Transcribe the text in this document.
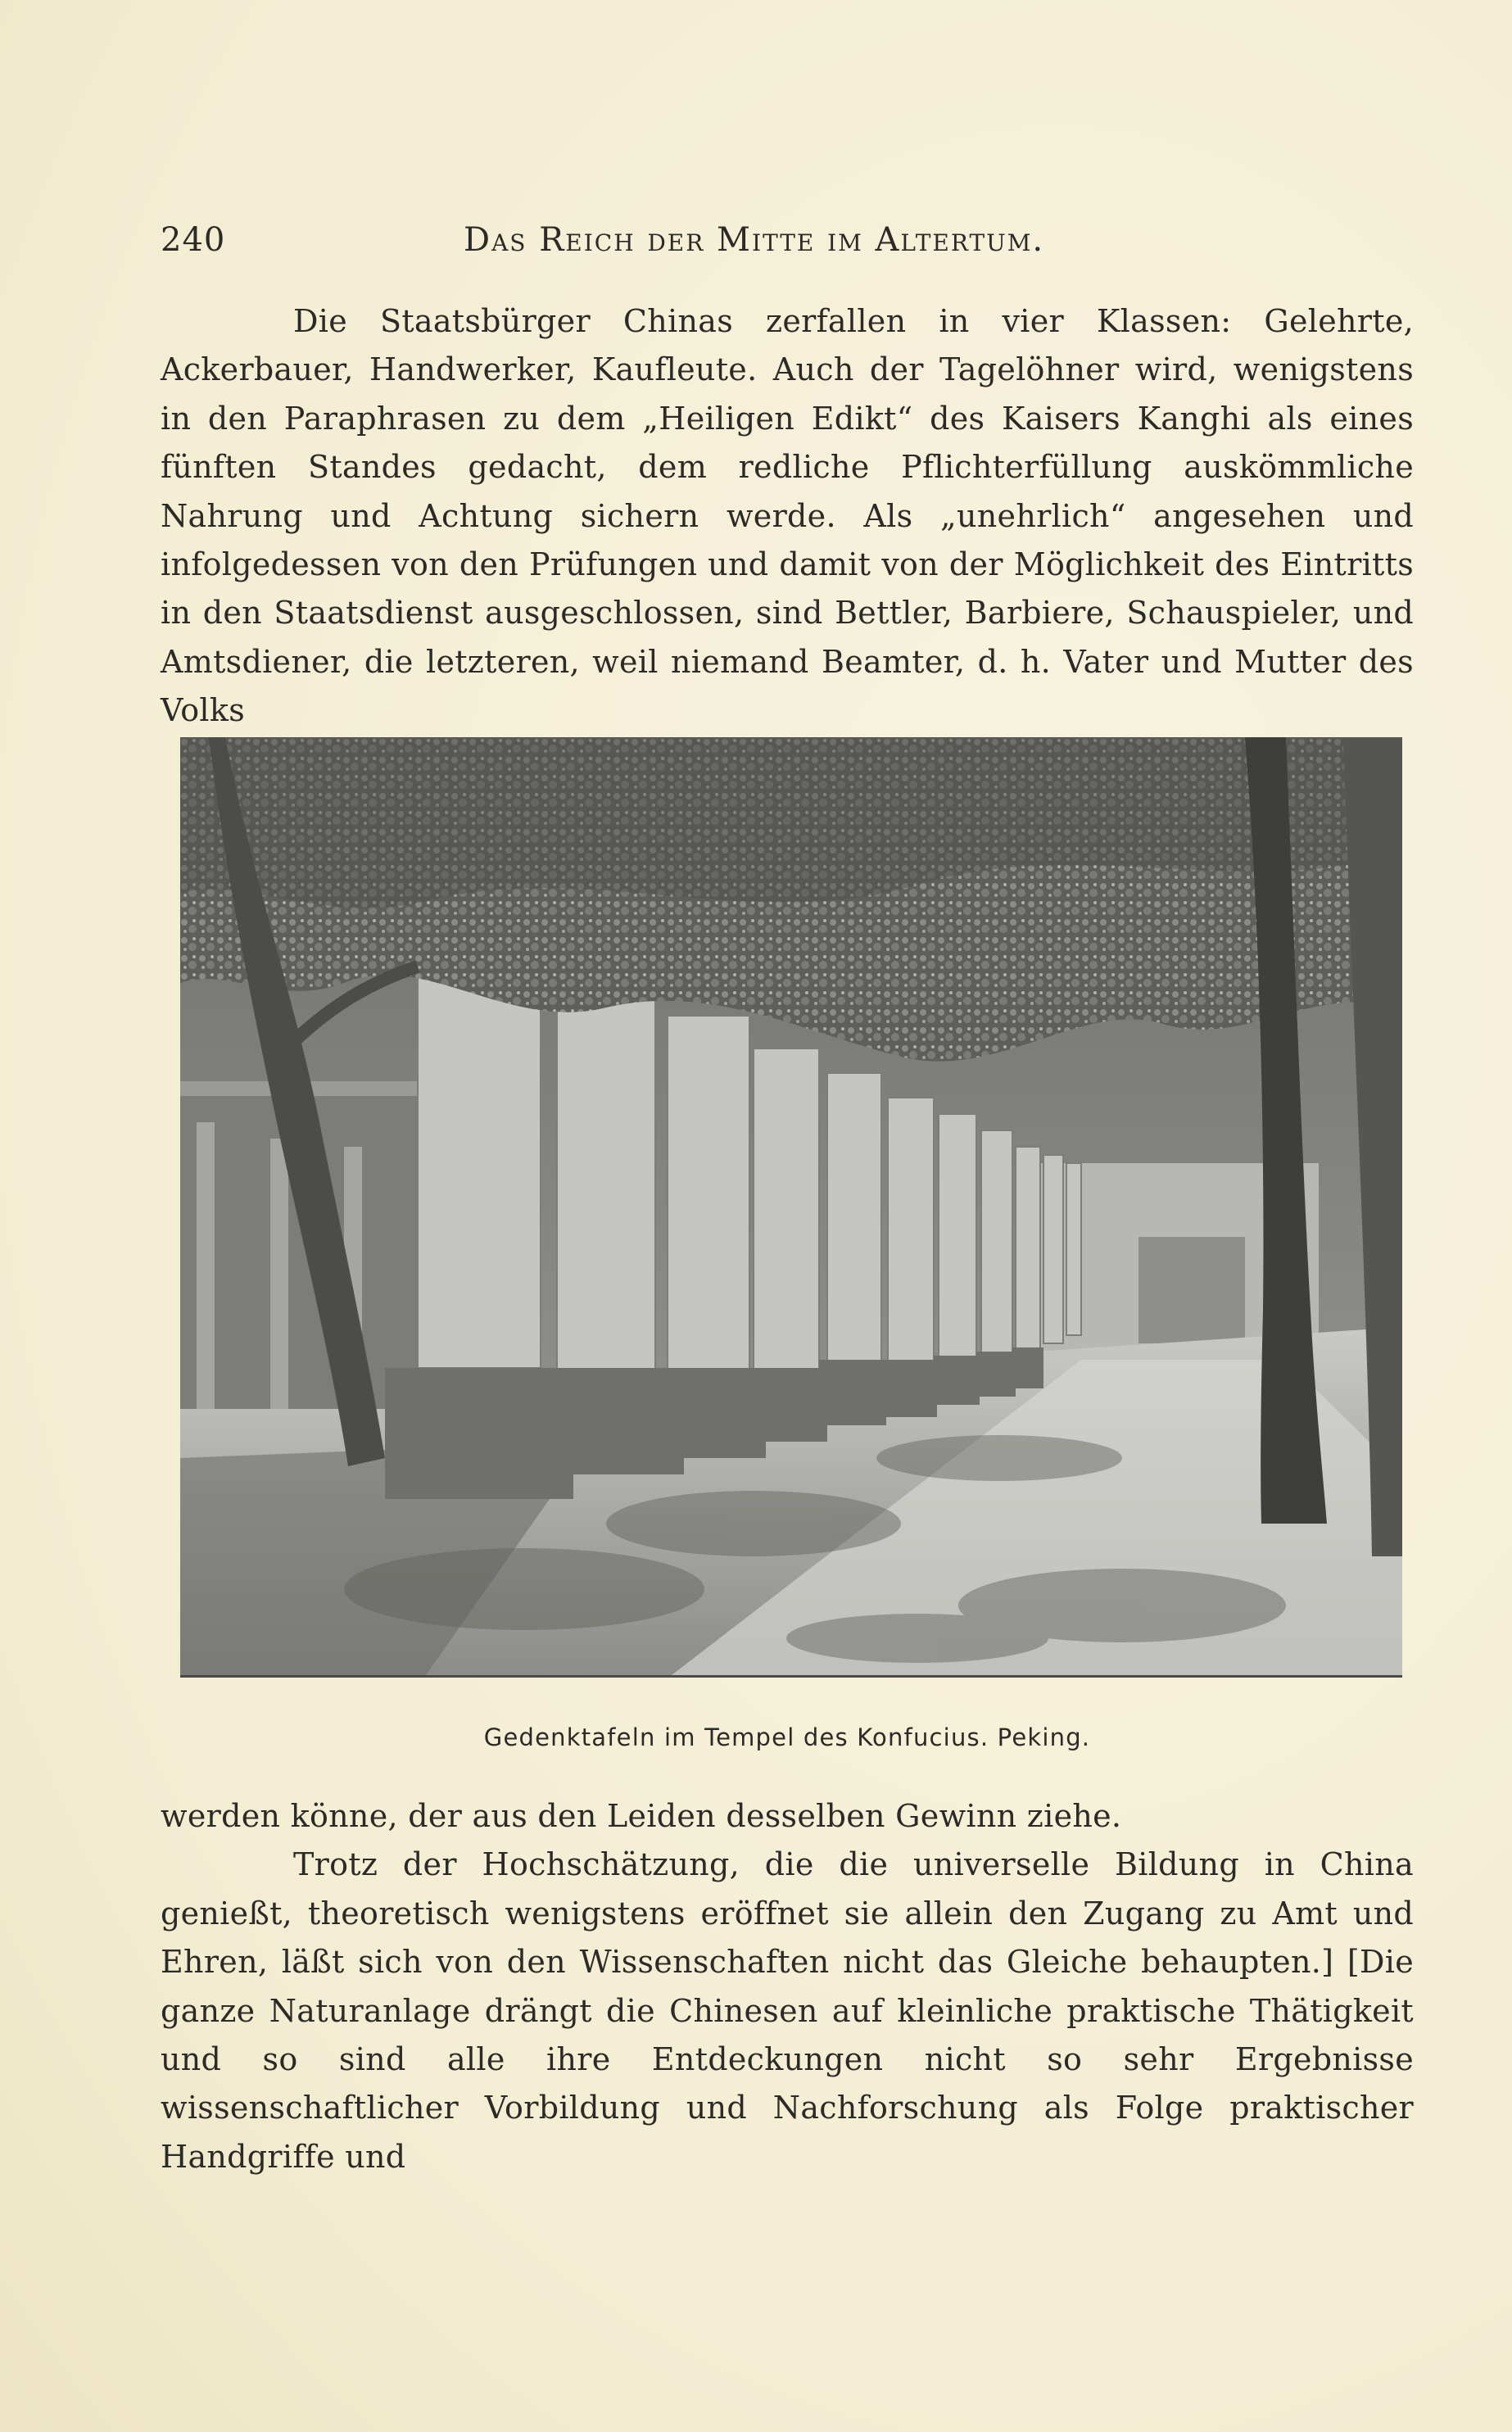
240	Das Reich der Mitte im Altertum.

Die Staatsbürger Chinas zerfallen in vier Klassen: Gelehrte, Ackerbauer, Handwerker, Kaufleute. Auch der Tagelöhner wird, wenigstens in den Paraphrasen zu dem „Heiligen Edikt“ des Kaisers Kanghi als eines fünften Standes gedacht, dem redliche Pflichterfüllung auskömmliche Nahrung und Achtung sichern werde. Als „unehrlich“ angesehen und infolgedessen von den Prüfungen und damit von der Möglichkeit des Eintritts in den Staatsdienst ausgeschlossen, sind Bettler, Barbiere, Schauspieler, und Amtsdiener, die letzteren, weil niemand Beamter, d. h. Vater und Mutter des Volks

Gedenktafeln im Tempel des Konfucius. Peking.

werden könne, der aus den Leiden desselben Gewinn ziehe.

Trotz der Hochschätzung, die die universelle Bildung in China genießt, theoretisch wenigstens eröffnet sie allein den Zugang zu Amt und Ehren, läßt sich von den Wissenschaften nicht das Gleiche behaupten.] [Die ganze Naturanlage drängt die Chinesen auf kleinliche praktische Thätigkeit und so sind alle ihre Entdeckungen nicht so sehr Ergebnisse wissenschaftlicher Vorbildung und Nachforschung als Folge praktischer Handgriffe und
